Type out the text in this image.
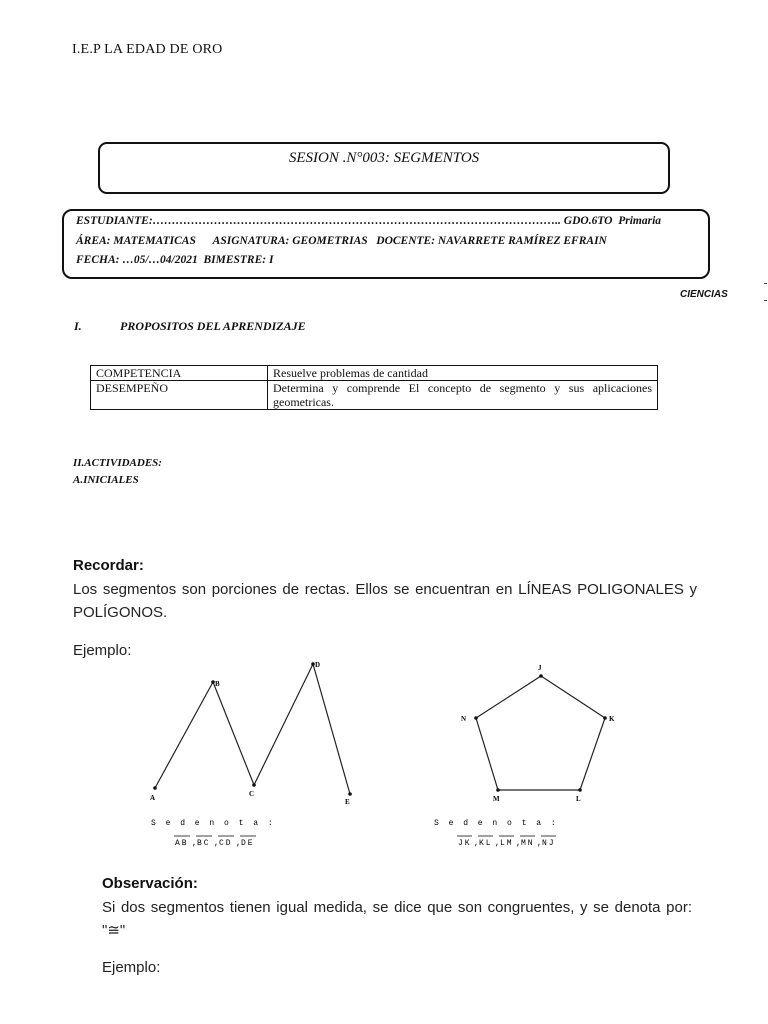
I.E.P LA EDAD DE ORO
SESION .N°003: SEGMENTOS
ESTUDIANTE:…………………………………………………………………………………………….. GDO.6TO  Primaria
ÁREA: MATEMATICAS      ASIGNATURA: GEOMETRIAS   DOCENTE: NAVARRETE RAMÍREZ EFRAIN
FECHA: …05/…04/2021  BIMESTRE: I
CIENCIAS
I.	PROPOSITOS DEL APRENDIZAJE
COMPETENCIA	Resuelve problemas de cantidad
DESEMPEÑO	Determina y comprende El concepto de segmento y sus aplicaciones geometricas.
II.ACTIVIDADES:
A.INICIALES
Recordar:
Los segmentos son porciones de rectas. Ellos se encuentran en LÍNEAS POLIGONALES y POLÍGONOS.
Ejemplo:
A
B
C
D
E
S e d e n o t a :
AB ,
BC ,
CD ,
DE
J
K
L
M
N
S e d e n o t a :
JK ,
KL ,
LM ,
MN ,
NJ
Observación:
Si dos segmentos tienen igual medida, se dice que son congruentes, y se denota por: "≅"
Ejemplo:
